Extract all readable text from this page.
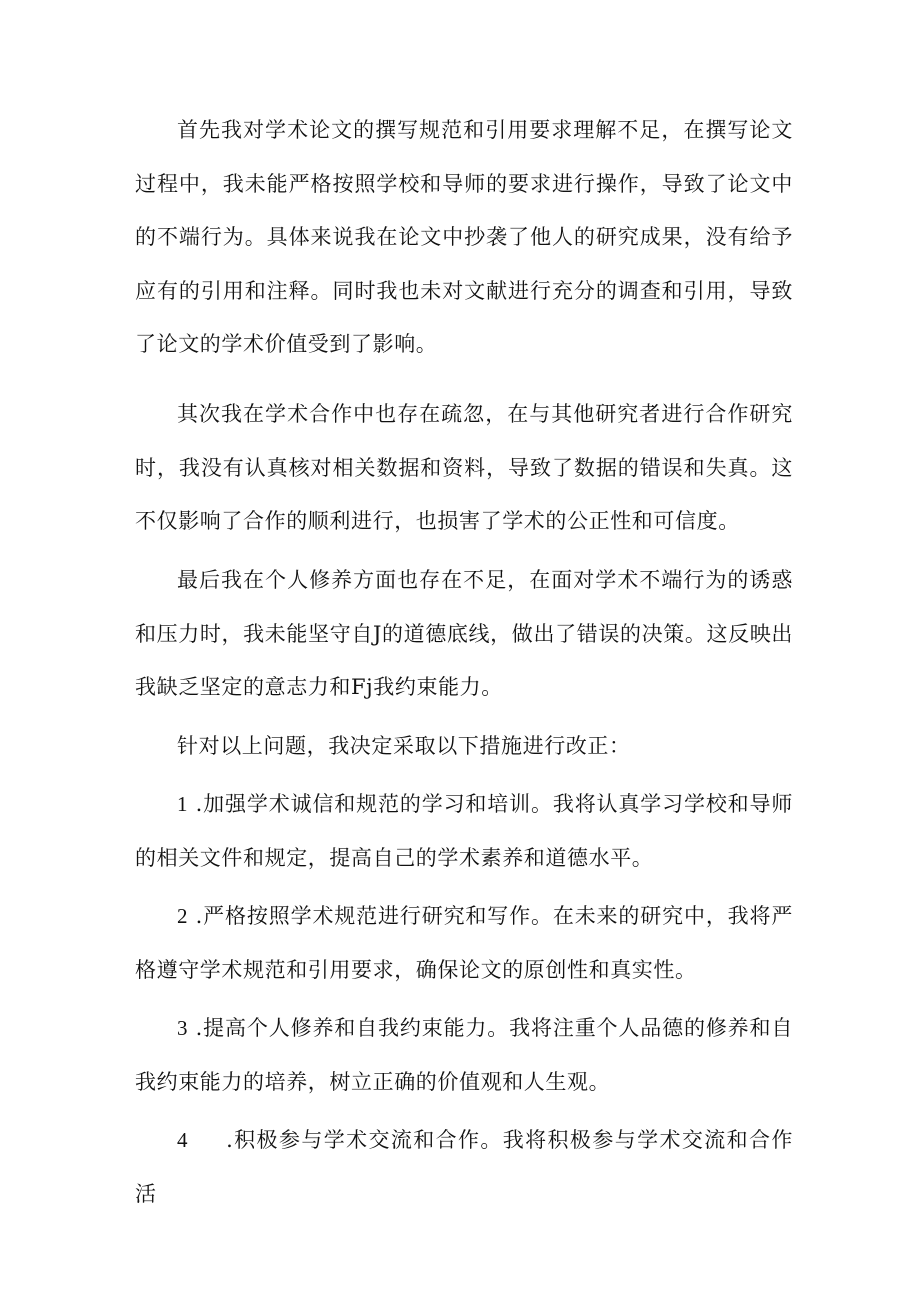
首先我对学术论文的撰写规范和引用要求理解不足，在撰写论文过程中，我未能严格按照学校和导师的要求进行操作，导致了论文中的不端行为。具体来说我在论文中抄袭了他人的研究成果，没有给予应有的引用和注释。同时我也未对文献进行充分的调查和引用，导致了论文的学术价值受到了影响。

其次我在学术合作中也存在疏忽，在与其他研究者进行合作研究时，我没有认真核对相关数据和资料，导致了数据的错误和失真。这不仅影响了合作的顺利进行，也损害了学术的公正性和可信度。

最后我在个人修养方面也存在不足，在面对学术不端行为的诱惑和压力时，我未能坚守自J的道德底线，做出了错误的决策。这反映出我缺乏坚定的意志力和Fj我约束能力。

针对以上问题，我决定采取以下措施进行改正：

1 .加强学术诚信和规范的学习和培训。我将认真学习学校和导师的相关文件和规定，提高自己的学术素养和道德水平。

2 .严格按照学术规范进行研究和写作。在未来的研究中，我将严格遵守学术规范和引用要求，确保论文的原创性和真实性。

3 .提高个人修养和自我约束能力。我将注重个人品德的修养和自我约束能力的培养，树立正确的价值观和人生观。

4 .积极参与学术交流和合作。我将积极参与学术交流和合作活
